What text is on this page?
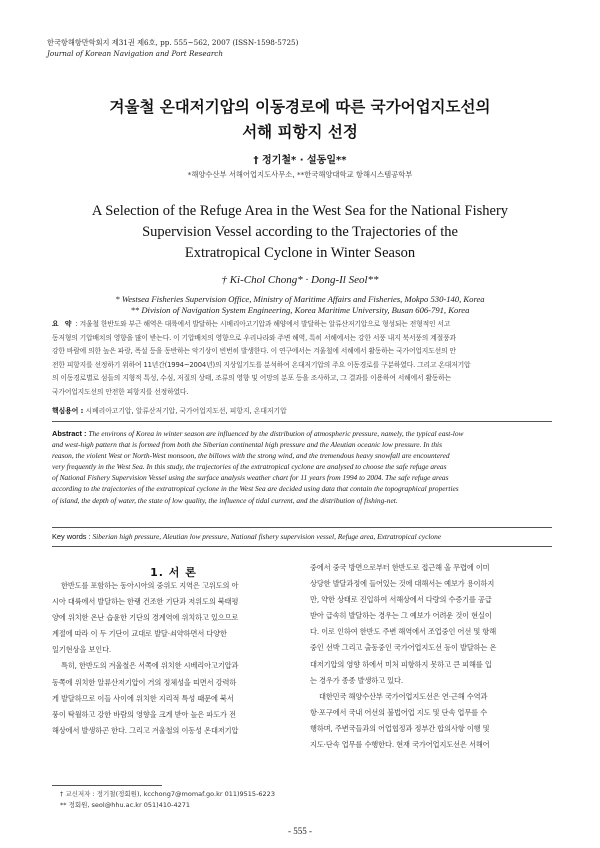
한국항해항만학회지 제31권 제6호, pp. 555~562, 2007 (ISSN-1598-5725)
Journal of Korean Navigation and Port Research
겨울철 온대저기압의 이동경로에 따른 국가어업지도선의
서해 피항지 선정
† 정기철* · 설동일**
*해양수산부 서해어업지도사무소, **한국해양대학교 항해시스템공학부
A Selection of the Refuge Area in the West Sea for the National Fishery
Supervision Vessel according to the Trajectories of the
Extratropical Cyclone in Winter Season
† Ki-Chol Chong* · Dong-Il Seol**
* Westsea Fisheries Supervision Office, Ministry of Maritime Affairs and Fisheries, Mokpo 530-140, Korea
** Division of Navigation System Engineering, Korea Maritime University, Busan 606-791, Korea
요 약 : 겨울철 한반도와 부근 해역은 대륙에서 발달하는 시베리아고기압과 해양에서 발달하는 알류산저기압으로 형성되는 전형적인 서고
동저형의 기압배치의 영향을 많이 받는다. 이 기압배치의 영향으로 우리나라와 주변 해역, 특히 서해에서는 강한 서풍 내지 북서풍의 계절풍과
강한 바람에 의한 높은 파랑, 폭설 등을 동반하는 악기상이 빈번히 발생한다. 이 연구에서는 겨울철에 서해에서 활동하는 국가어업지도선의 안
전한 피항지를 선정하기 위하여 11년간(1994~2004년)의 지상일기도를 분석하여 온대저기압의 주요 이동경로를 구분하였다. 그리고 온대저기압
의 이동경로별로 섬들의 지형적 특성, 수심, 저질의 상태, 조류의 영향 및 어망의 분포 등을 조사하고, 그 결과를 이용하여 서해에서 활동하는
국가어업지도선의 안전한 피항지를 선정하였다.
핵심용어 : 시베리아고기압, 알류산저기압, 국가어업지도선, 피항지, 온대저기압
Abstract : The environs of Korea in winter season are influenced by the distribution of atmospheric pressure, namely, the typical east-low
and west-high pattern that is formed from both the Siberian continental high pressure and the Aleutian oceanic low pressure. In this
reason, the violent West or North-West monsoon, the billows with the strong wind, and the tremendous heavy snowfall are encountered
very frequently in the West Sea. In this study, the trajectories of the extratropical cyclone are analysed to choose the safe refuge areas
of National Fishery Supervision Vessel using the surface analysis weather chart for 11 years from 1994 to 2004. The safe refuge areas
according to the trajectories of the extratropical cyclone in the West Sea are decided using data that contain the topographical properties
of island, the depth of water, the state of low quality, the influence of tidal current, and the distribution of fishing-net.
Key words : Siberian high pressure, Aleutian low pressure, National fishery supervision vessel, Refuge area, Extratropical cyclone
1. 서 론
한반도를 포함하는 동아시아의 중위도 지역은 고위도의 아
시아 대륙에서 발달하는 한랭 건조한 기단과 저위도의 북태평
양에 위치한 온난 습윤한 기단의 경계역에 위치하고 있으므로
계절에 따라 이 두 기단이 교대로 발달·쇠약하면서 다양한
일기현상을 보인다.
특히, 한반도의 겨울철은 서쪽에 위치한 시베리아고기압과
동쪽에 위치한 알류산저기압이 거의 정체성을 띠면서 강력하
게 발달하므로 이들 사이에 위치한 지리적 특성 때문에 북서
풍이 탁월하고 강한 바람의 영향을 크게 받아 높은 파도가 전
해상에서 발생하곤 한다. 그리고 겨울철의 이동성 온대저기압
중에서 중국 방면으로부터 한반도로 접근해 올 무렵에 이미
상당한 발달과정에 들어있는 것에 대해서는 예보가 용이하지
만, 약한 상태로 진입하여 서해상에서 다량의 수증기를 공급
받아 급속히 발달하는 경우는 그 예보가 어려운 것이 현실이
다. 이로 인하여 한반도 주변 해역에서 조업중인 어선 및 항해
중인 선박 그리고 출동중인 국가어업지도선 등이 발달하는 온
대저기압의 영향 하에서 미처 피항하지 못하고 큰 피해를 입
는 경우가 종종 발생하고 있다.
대한민국 해양수산부 국가어업지도선은 연·근해 수역과
항·포구에서 국내 어선의 불법어업 지도 및 단속 업무를 수
행하며, 주변국들과의 어업협정과 정부간 합의사항 이행 및
지도·단속 업무를 수행한다. 현재 국가어업지도선은 서해어
† 교신저자 : 정기철(정회원), kcchong7@momaf.go.kr 011)9515-6223
** 정회원, seol@hhu.ac.kr 051)410-4271
- 555 -
